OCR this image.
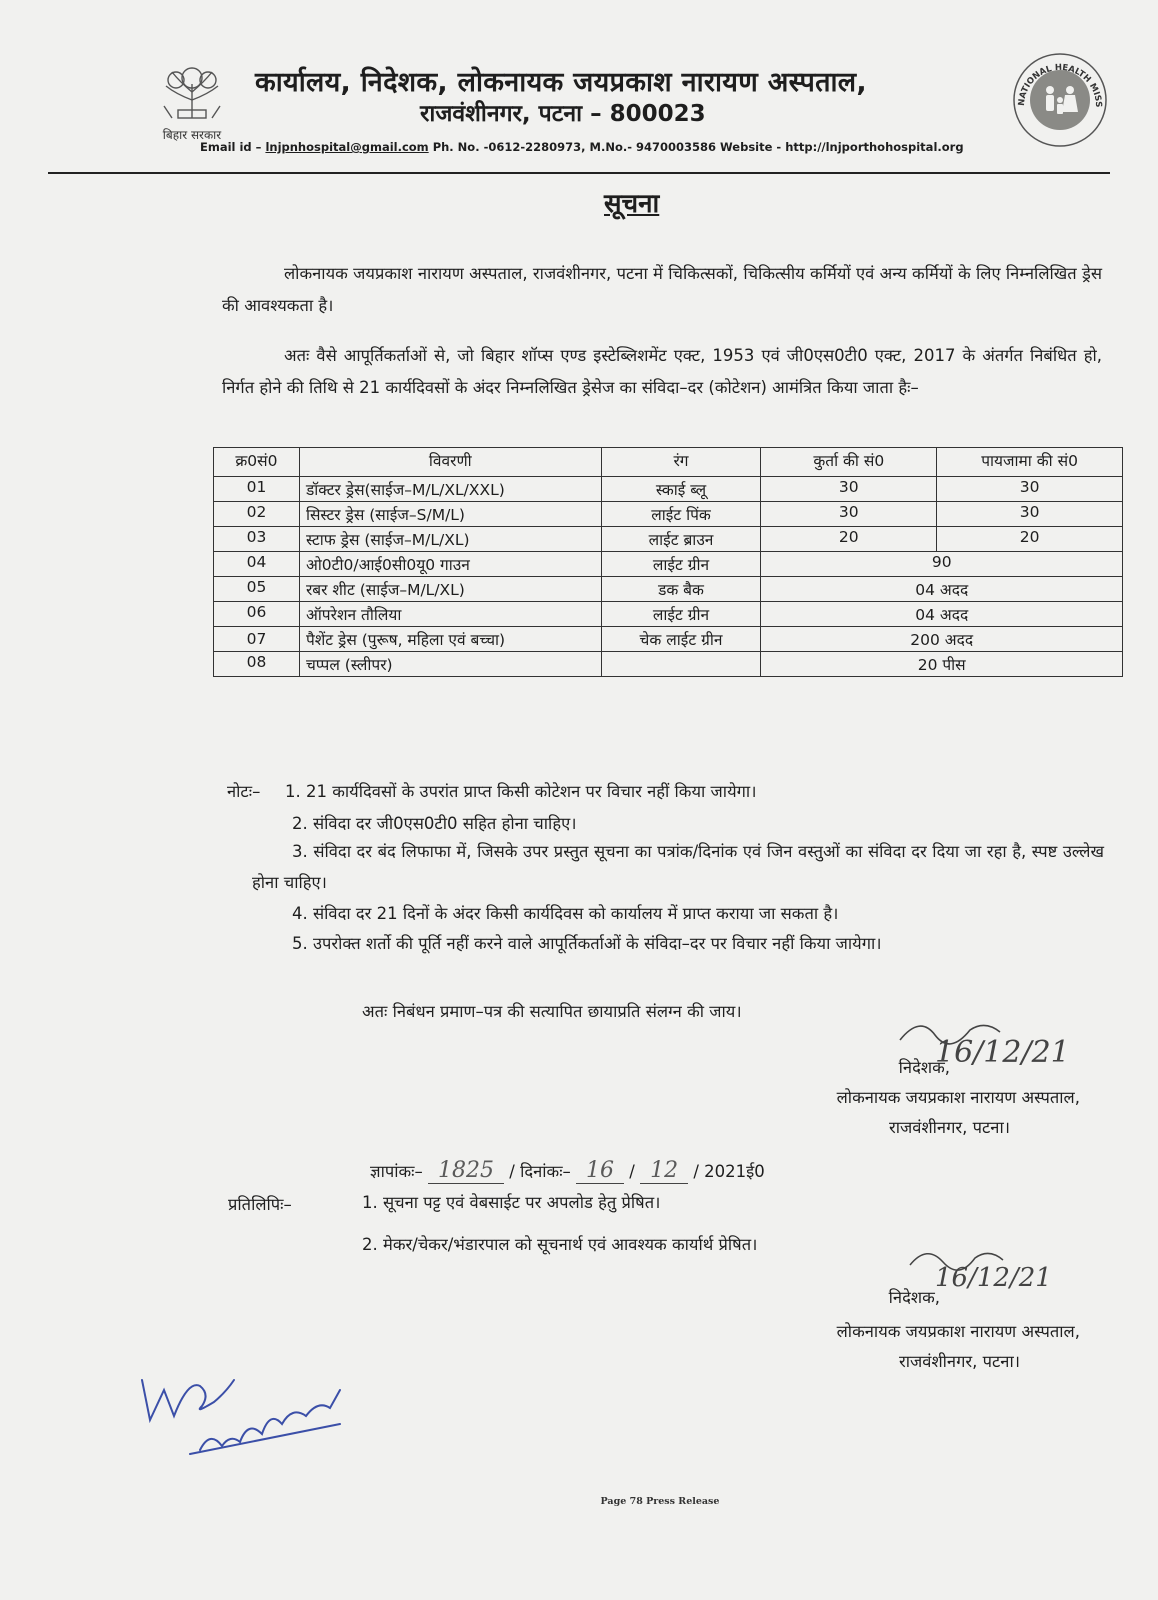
बिहार सरकार
कार्यालय, निदेशक, लोकनायक जयप्रकाश नारायण अस्पताल,
राजवंशीनगर, पटना – 800023	NATIONAL HEALTH MISS
Email id – lnjpnhospital@gmail.com Ph. No. -0612-2280973, M.No.- 9470003586 Website - http://lnjporthohospital.org
सूचना
लोकनायक जयप्रकाश नारायण अस्पताल, राजवंशीनगर, पटना में चिकित्सकों, चिकित्सीय कर्मियों एवं अन्य कर्मियों के लिए निम्नलिखित ड्रेस की आवश्यकता है।
अतः वैसे आपूर्तिकर्ताओं से, जो बिहार शॉप्स एण्ड इस्टेब्लिशमेंट एक्ट, 1953 एवं जी0एस0टी0 एक्ट, 2017 के अंतर्गत निबंधित हो, निर्गत होने की तिथि से 21 कार्यदिवसों के अंदर निम्नलिखित ड्रेसेज का संविदा–दर (कोटेशन) आमंत्रित किया जाता हैः–
क्र0सं0	विवरणी	रंग	कुर्ता की सं0	पायजामा की सं0
01	डॉक्टर ड्रेस(साईज–M/L/XL/XXL)	स्काई ब्लू	30	30
02	सिस्टर ड्रेस (साईज–S/M/L)	लाईट पिंक	30	30
03	स्टाफ ड्रेस (साईज–M/L/XL)	लाईट ब्राउन	20	20
04	ओ0टी0/आई0सी0यू0 गाउन	लाईट ग्रीन	90	
05	रबर शीट (साईज–M/L/XL)	डक बैक	04 अदद	
06	ऑपरेशन तौलिया	लाईट ग्रीन	04 अदद	
07	पैशेंट ड्रेस (पुरूष, महिला एवं बच्चा)	चेक लाईट ग्रीन	200 अदद	
08	चप्पल (स्लीपर)		20 पीस	
नोटः– 1. 21 कार्यदिवसों के उपरांत प्राप्त किसी कोटेशन पर विचार नहीं किया जायेगा।
2. संविदा दर जी0एस0टी0 सहित होना चाहिए।
3. संविदा दर बंद लिफाफा में, जिसके उपर प्रस्तुत सूचना का पत्रांक/दिनांक एवं जिन वस्तुओं का संविदा दर दिया जा रहा है, स्पष्ट उल्लेख होना चाहिए।
4. संविदा दर 21 दिनों के अंदर किसी कार्यदिवस को कार्यालय में प्राप्त कराया जा सकता है।
5. उपरोक्त शर्तो की पूर्ति नहीं करने वाले आपूर्तिकर्ताओं के संविदा–दर पर विचार नहीं किया जायेगा।
अतः निबंधन प्रमाण–पत्र की सत्यापित छायाप्रति संलग्न की जाय।
16/12/21
निदेशक,
लोकनायक जयप्रकाश नारायण अस्पताल,
राजवंशीनगर, पटना।
ज्ञापांकः– 1825 / दिनांकः– 16 / 12 / 2021ई0
प्रतिलिपिः–	1. सूचना पट्ट एवं वेबसाईट पर अपलोड हेतु प्रेषित।
2. मेकर/चेकर/भंडारपाल को सूचनार्थ एवं आवश्यक कार्यार्थ प्रेषित।
16/12/21
निदेशक,
लोकनायक जयप्रकाश नारायण अस्पताल,
राजवंशीनगर, पटना।
Page 78 Press Release
